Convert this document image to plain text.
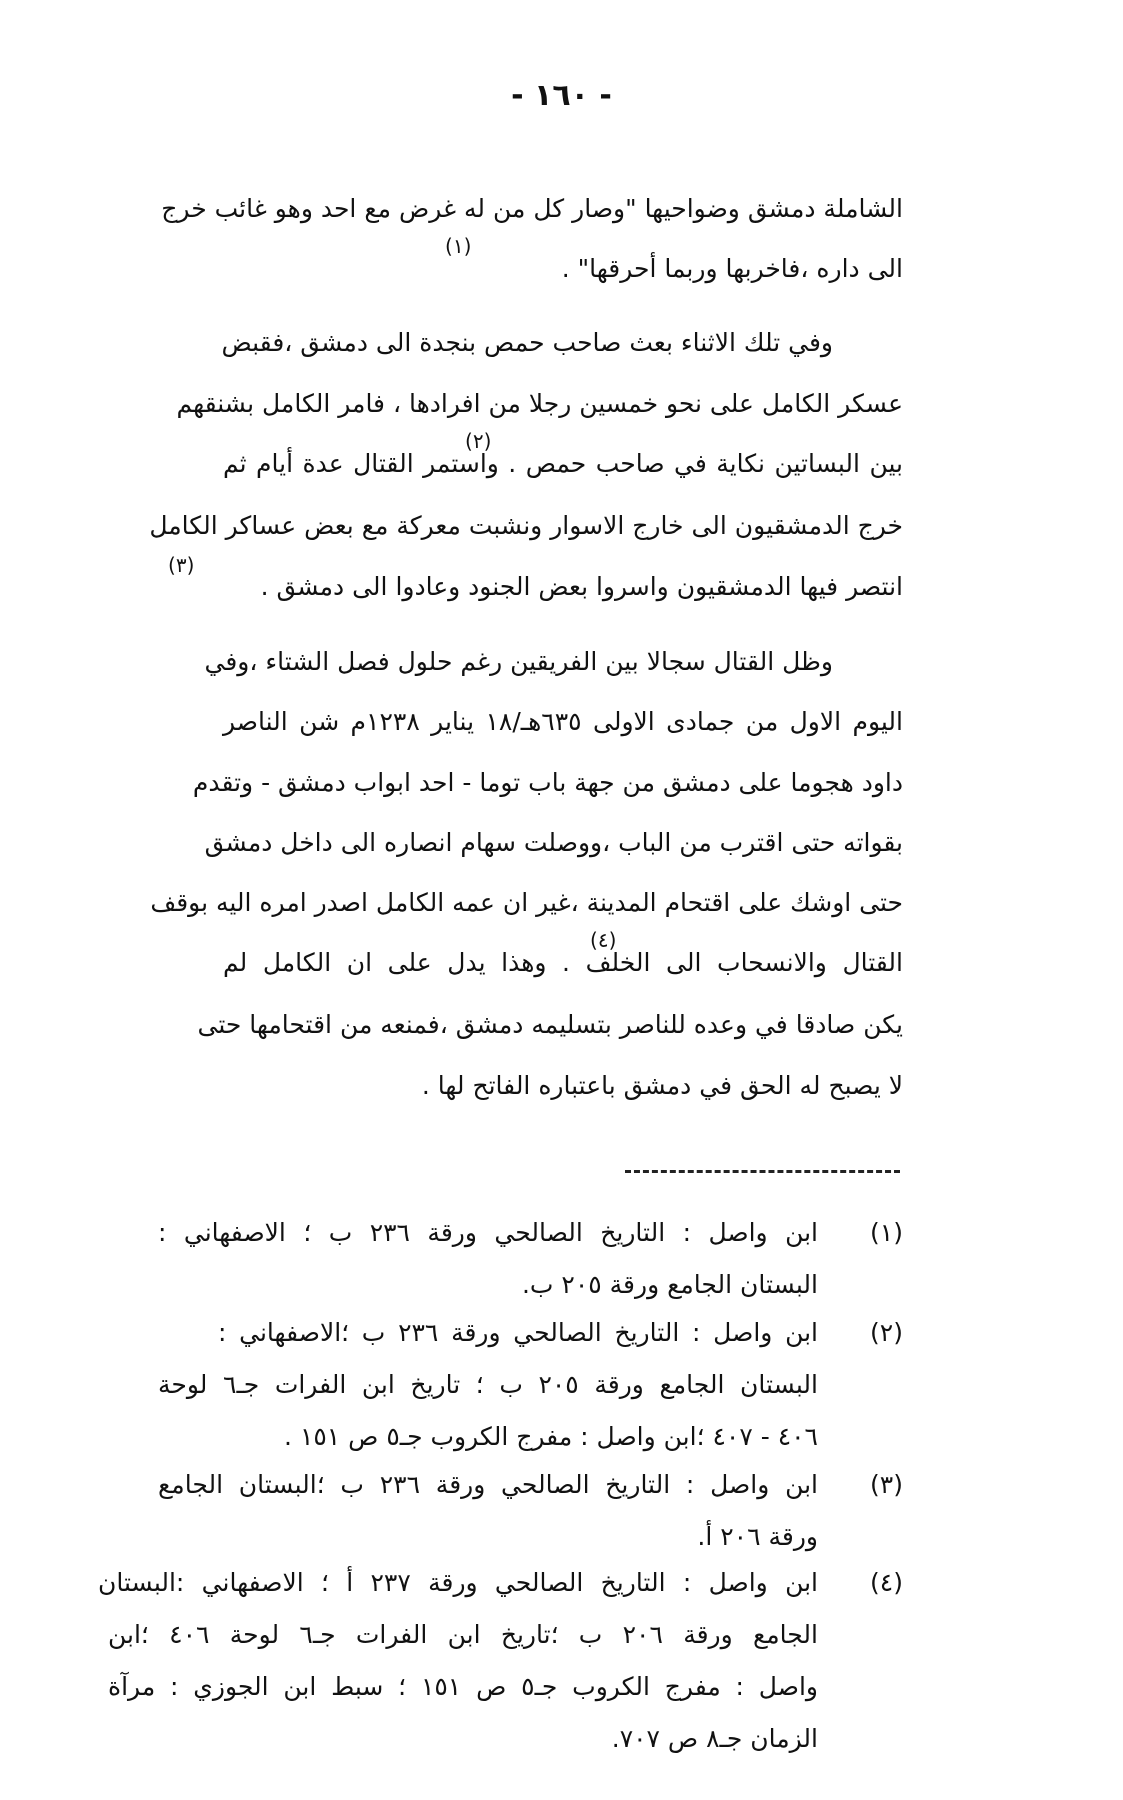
- ١٦٠ -
الشاملة دمشق وضواحيها "وصار كل من له غرض مع احد وهو غائب خرج
الى داره ،فاخربها وربما أحرقها" .
(١)
وفي تلك الاثناء بعث صاحب حمص بنجدة الى دمشق ،فقبض
عسكر الكامل على نحو خمسين رجلا من افرادها ، فامر الكامل بشنقهم
بين البساتين نكاية في صاحب حمص . واستمر القتال عدة أيام ثم
(٢)
خرج الدمشقيون الى خارج الاسوار ونشبت معركة مع بعض عساكر الكامل
انتصر فيها الدمشقيون واسروا بعض الجنود وعادوا الى دمشق .
(٣)
وظل القتال سجالا بين الفريقين رغم حلول فصل الشتاء ،وفي
اليوم الاول من جمادى الاولى ٦٣٥هـ/١٨ يناير ١٢٣٨م شن الناصر
داود هجوما على دمشق من جهة باب توما - احد ابواب دمشق - وتقدم
بقواته حتى اقترب من الباب ،ووصلت سهام انصاره الى داخل دمشق
حتى اوشك على اقتحام المدينة ،غير ان عمه الكامل اصدر امره اليه بوقف
القتال والانسحاب الى الخلف . وهذا يدل على ان الكامل لم
(٤)
يكن صادقا في وعده للناصر بتسليمه دمشق ،فمنعه من اقتحامها حتى
لا يصبح له الحق في دمشق باعتباره الفاتح لها .
(١)
ابن واصل : التاريخ الصالحي ورقة ٢٣٦ ب ؛ الاصفهاني :
البستان الجامع ورقة ٢٠٥ ب.
(٢)
ابن واصل : التاريخ الصالحي ورقة ٢٣٦ ب ؛الاصفهاني :
البستان الجامع ورقة ٢٠٥ ب ؛ تاريخ ابن الفرات جـ٦ لوحة
٤٠٦ - ٤٠٧ ؛ابن واصل : مفرج الكروب جـ٥ ص ١٥١ .
(٣)
ابن واصل : التاريخ الصالحي ورقة ٢٣٦ ب ؛البستان الجامع
ورقة ٢٠٦ أ.
(٤)
ابن واصل : التاريخ الصالحي ورقة ٢٣٧ أ ؛ الاصفهاني :البستان
الجامع ورقة ٢٠٦ ب ؛تاريخ ابن الفرات جـ٦ لوحة ٤٠٦ ؛ابن
واصل : مفرج الكروب جـ٥ ص ١٥١ ؛ سبط ابن الجوزي : مرآة
الزمان جـ٨ ص ٧٠٧.
